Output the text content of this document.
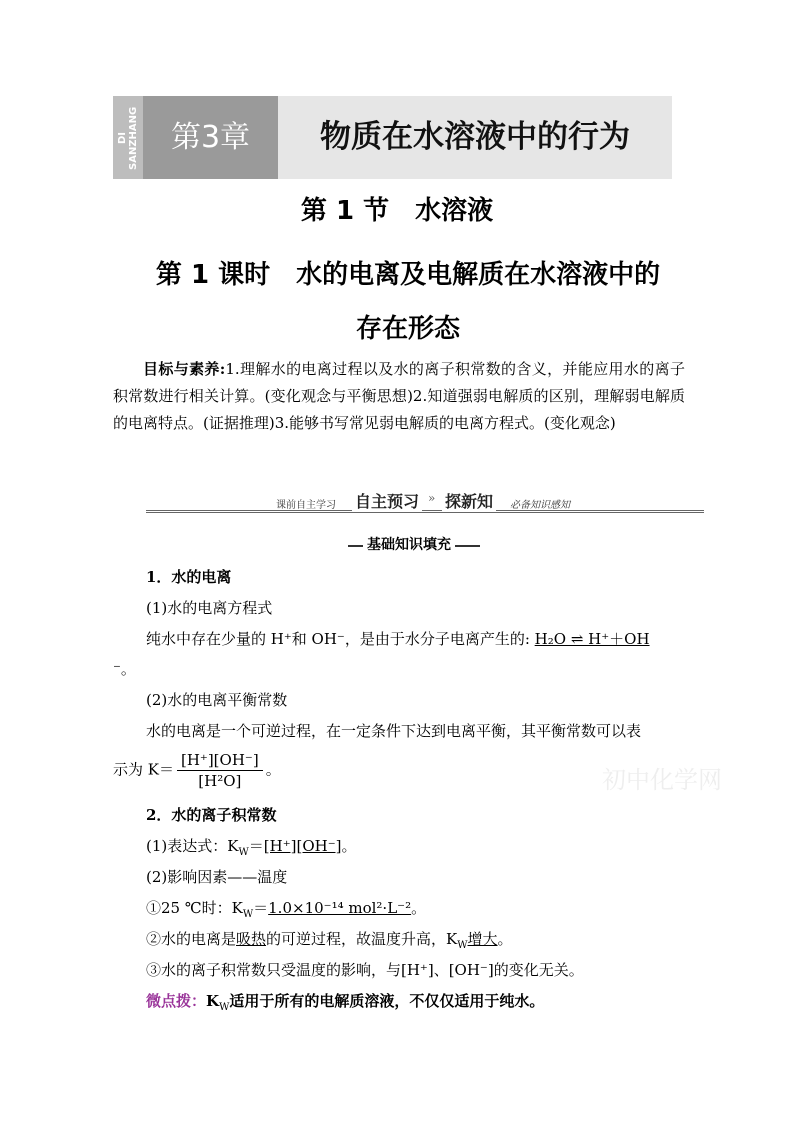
DI SANZHANG	第3章	物质在水溶液中的行为
第 1 节　水溶液
第 1 课时　水的电离及电解质在水溶液中的
存在形态
目标与素养:1.理解水的电离过程以及水的离子积常数的含义，并能应用水的离子积常数进行相关计算。(变化观念与平衡思想)2.知道强弱电解质的区别，理解弱电解质的电离特点。(证据推理)3.能够书写常见弱电解质的电离方程式。(变化观念)
课前自主学习 自主预习 » 探新知	必备知识感知
基础知识填充
1．水的电离
(1)水的电离方程式
纯水中存在少量的 H⁺和 OH⁻，是由于水分子电离产生的: H₂O ⇌ H⁺＋OH
⁻。
(2)水的电离平衡常数
水的电离是一个可逆过程，在一定条件下达到电离平衡，其平衡常数可以表
示为 $K= \frac{[H^+][OH^-]}{\text{[H²O]}}$ 。
2．水的离子积常数
(1)表达式：$K_W=[H^+][OH^-]$。
(2)影响因素——温度
①25 ℃时：$K_W=1.0\times 10^{-14}$ mol²·L⁻²。
②水的电离是吸热的可逆过程，故温度升高，$K_W$增大。
③水的离子积常数只受温度的影响，与[H⁺]、[OH⁻]的变化无关。
微点拨：$K_W$适用于所有的电解质溶液，不仅仅适用于纯水。
初中化学网
